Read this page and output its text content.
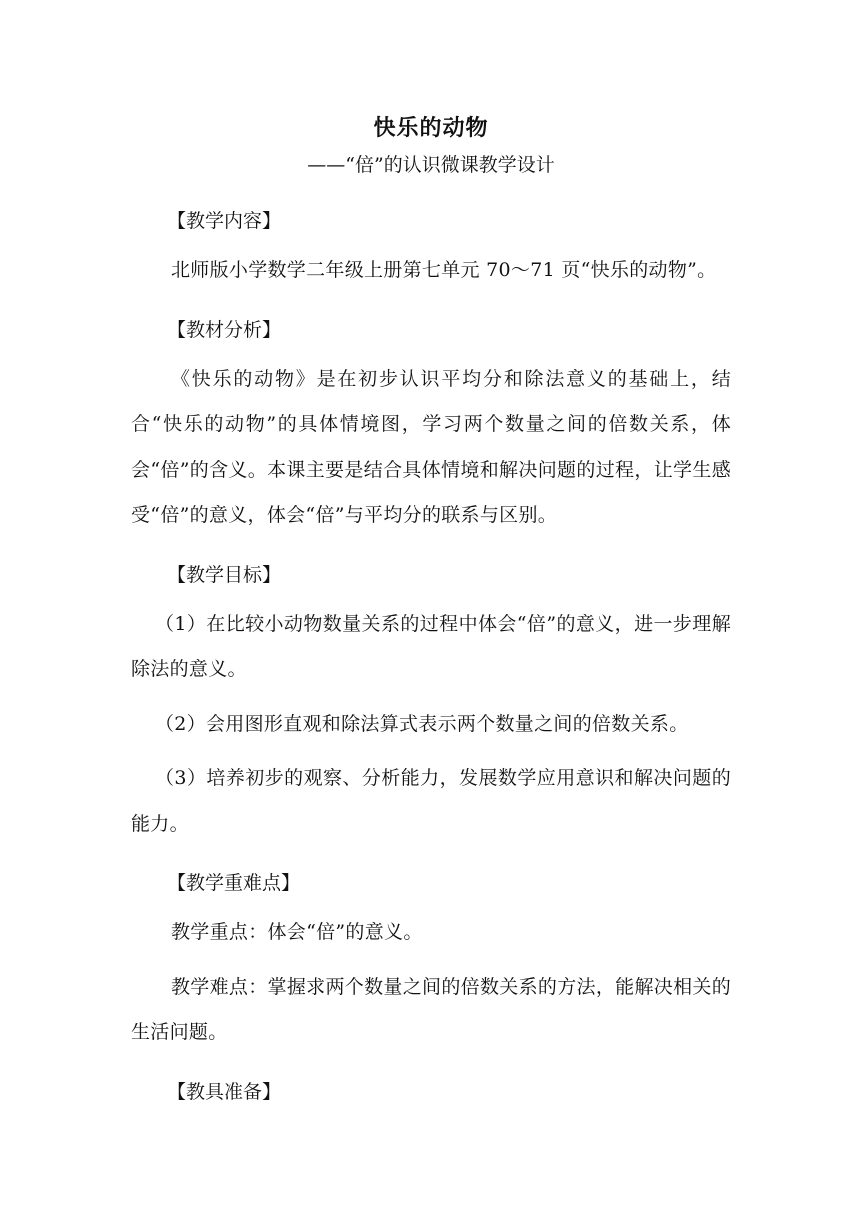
快乐的动物
——“倍”的认识微课教学设计
【教学内容】

北师版小学数学二年级上册第七单元 70～71 页“快乐的动物”。

【教材分析】

《快乐的动物》是在初步认识平均分和除法意义的基础上，结合“快乐的动物”的具体情境图，学习两个数量之间的倍数关系，体会“倍”的含义。本课主要是结合具体情境和解决问题的过程，让学生感受“倍”的意义，体会“倍”与平均分的联系与区别。

【教学目标】

（1）在比较小动物数量关系的过程中体会“倍”的意义，进一步理解除法的意义。

（2）会用图形直观和除法算式表示两个数量之间的倍数关系。

（3）培养初步的观察、分析能力，发展数学应用意识和解决问题的能力。

【教学重难点】

教学重点：体会“倍”的意义。

教学难点：掌握求两个数量之间的倍数关系的方法，能解决相关的生活问题。

【教具准备】
